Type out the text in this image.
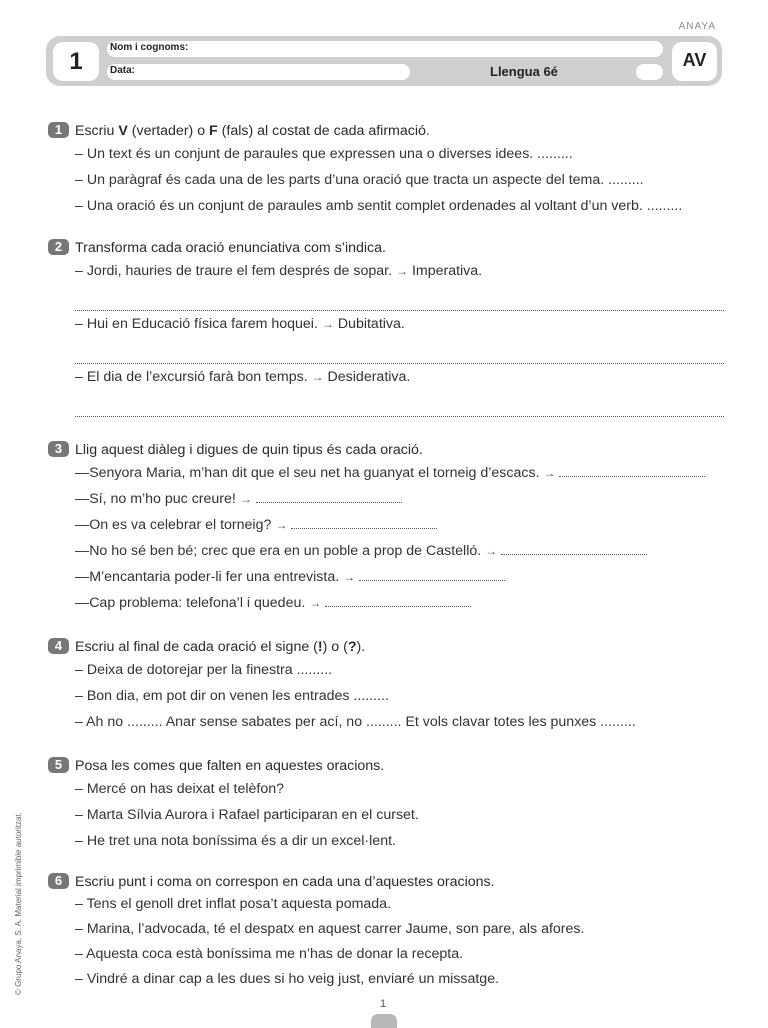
ANAYA
1
Nom i cognoms:
Data:	Llengua 6é
AV
1 Escriu V (vertader) o F (fals) al costat de cada afirmació.
– Un text és un conjunt de paraules que expressen una o diverses idees. .........
– Un paràgraf és cada una de les parts d’una oració que tracta un aspecte del tema. .........
– Una oració és un conjunt de paraules amb sentit complet ordenades al voltant d’un verb. .........
2 Transforma cada oració enunciativa com s’indica.
– Jordi, hauries de traure el fem després de sopar. → Imperativa.
– Hui en Educació física farem hoquei. → Dubitativa.
– El dia de l’excursió farà bon temps. → Desiderativa.
3 Llig aquest diàleg i digues de quin tipus és cada oració.
—Senyora Maria, m’han dit que el seu net ha guanyat el torneig d’escacs. →
—Sí, no m’ho puc creure! →
—On es va celebrar el torneig? →
—No ho sé ben bé; crec que era en un poble a prop de Castelló. →
—M’encantaria poder-li fer una entrevista. →
—Cap problema: telefona’l i quedeu. →
4 Escriu al final de cada oració el signe (!) o (?).
– Deixa de dotorejar per la finestra .........
– Bon dia, em pot dir on venen les entrades .........
– Ah no ......... Anar sense sabates per ací, no ......... Et vols clavar totes les punxes .........
5 Posa les comes que falten en aquestes oracions.
– Mercé on has deixat el telèfon?
– Marta Sílvia Aurora i Rafael participaran en el curset.
– He tret una nota boníssima és a dir un excel·lent.
6 Escriu punt i coma on correspon en cada una d’aquestes oracions.
– Tens el genoll dret inflat posa’t aquesta pomada.
– Marina, l’advocada, té el despatx en aquest carrer Jaume, son pare, als afores.
– Aquesta coca està boníssima me n’has de donar la recepta.
– Vindré a dinar cap a les dues si ho veig just, enviaré un missatge.
© Grupo Anaya, S. A. Material imprimible autoritzat.
1
